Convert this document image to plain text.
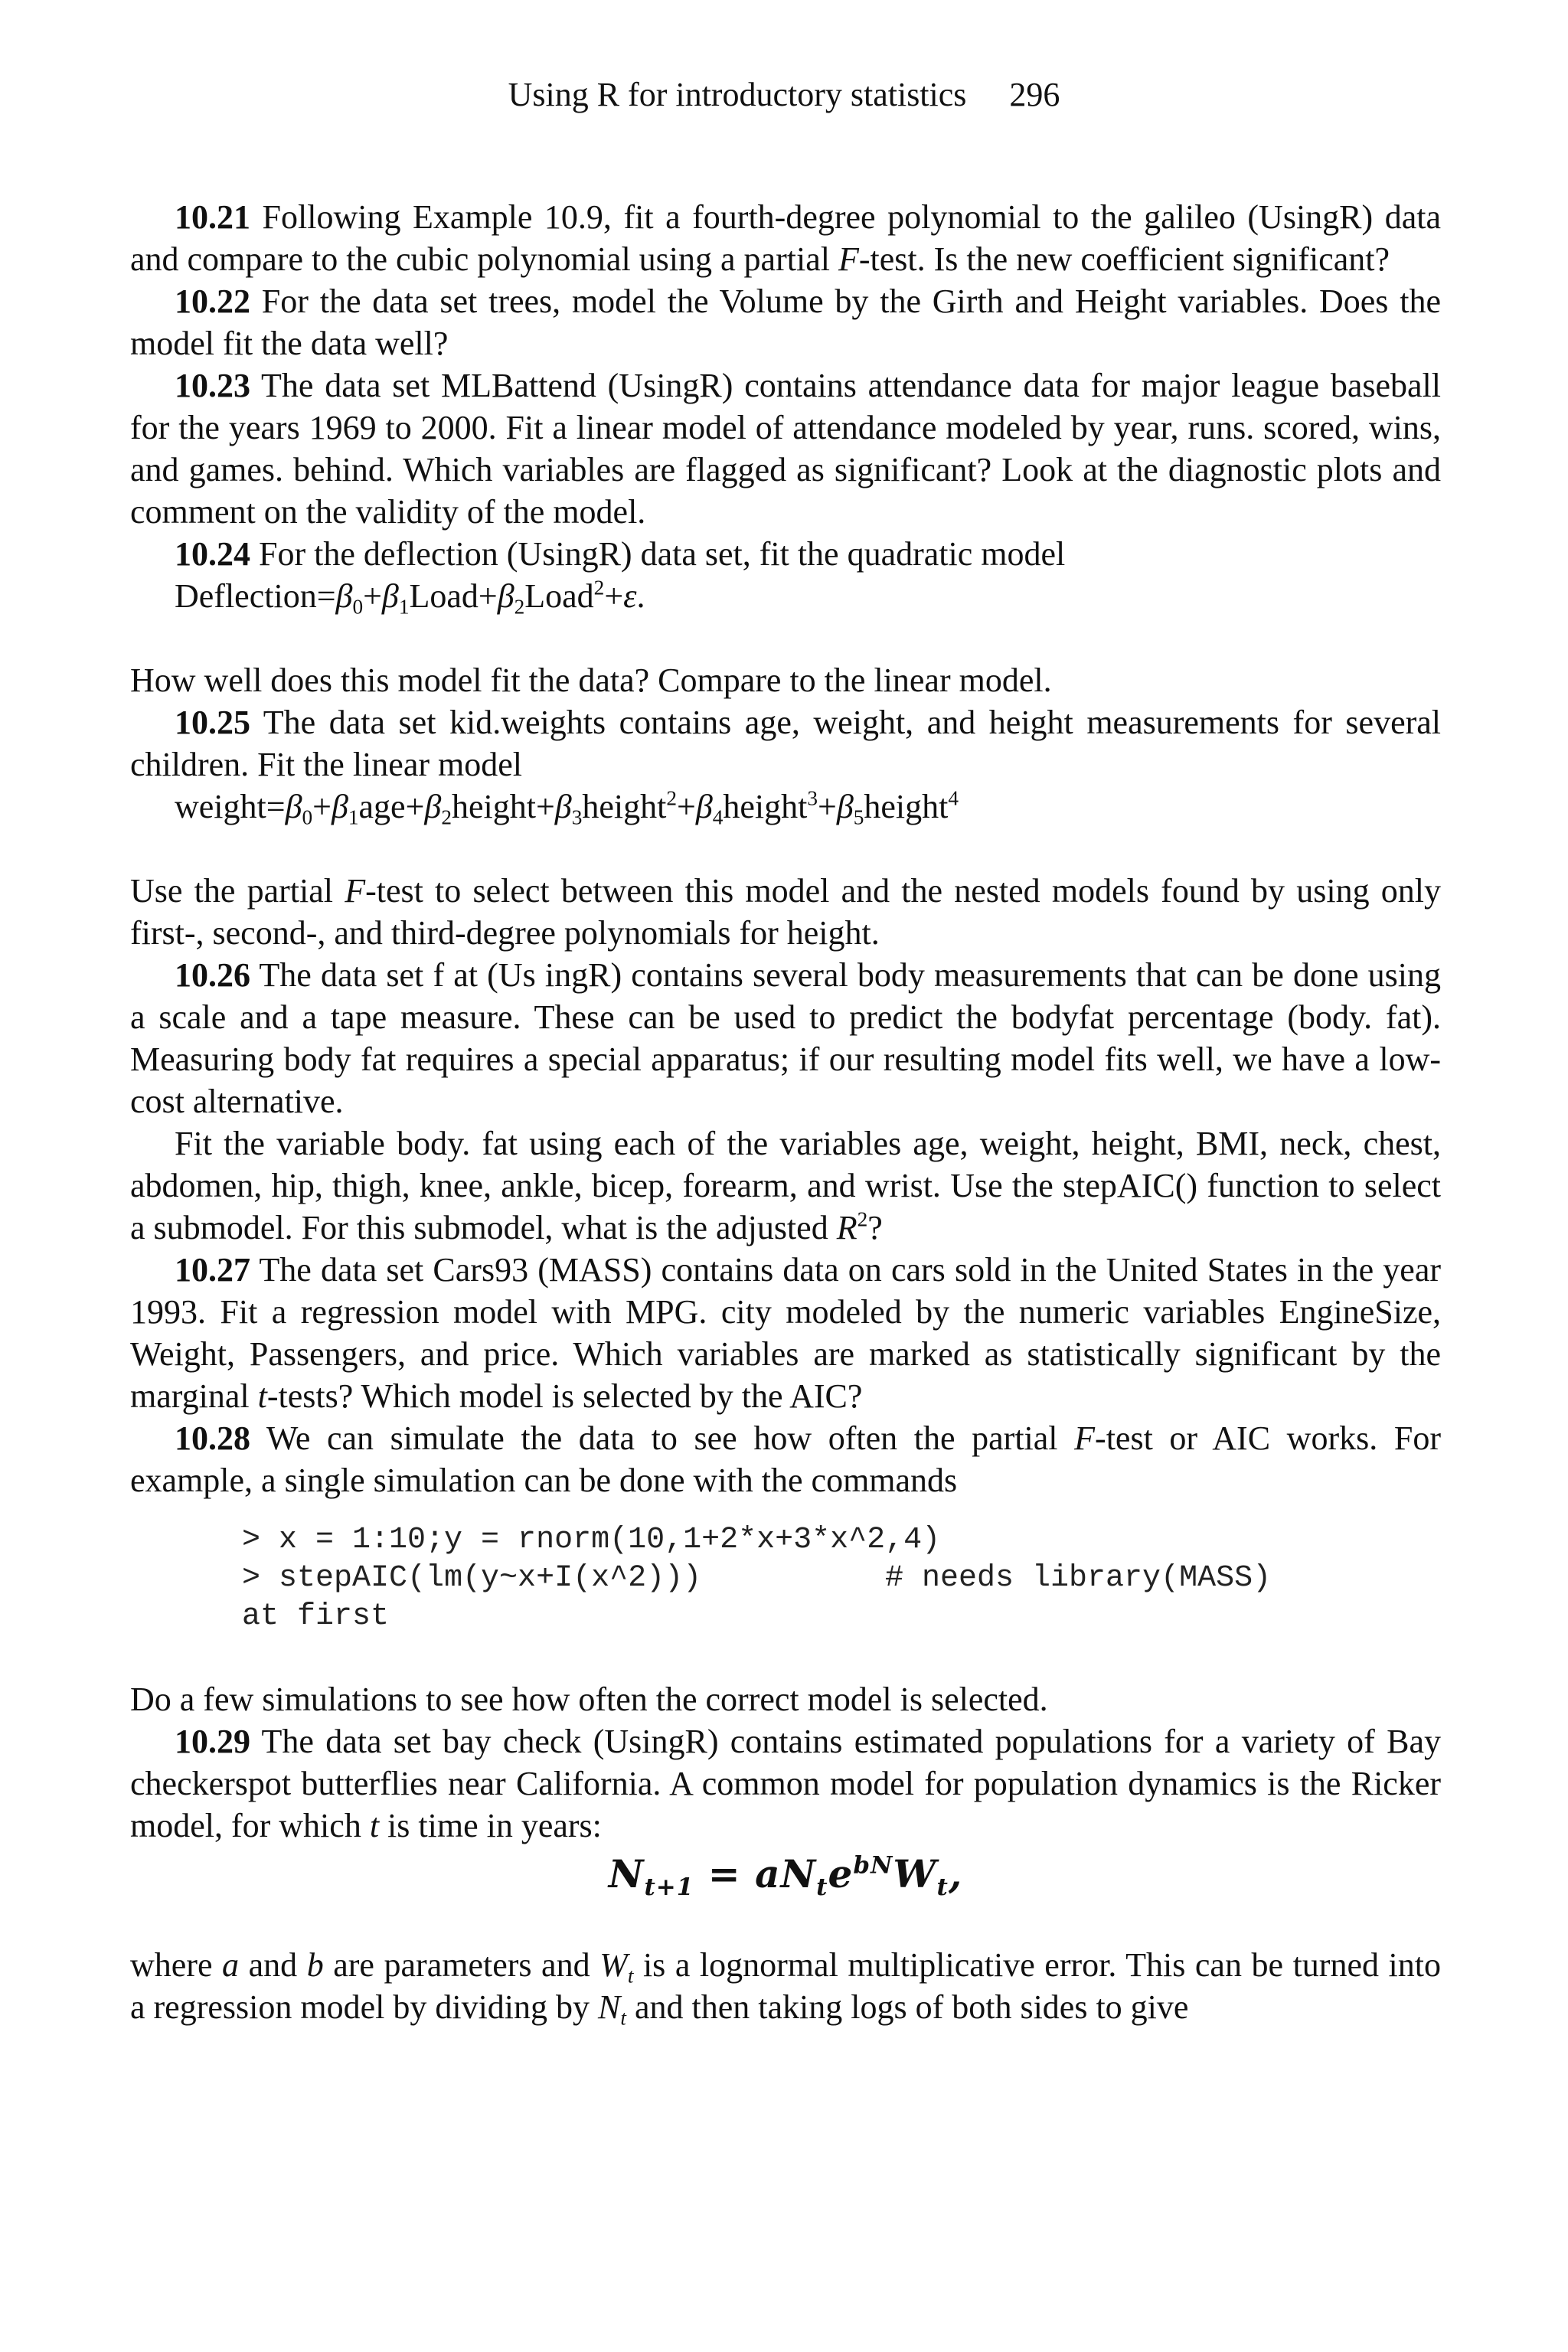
Using R for introductory statistics 296

10.21 Following Example 10.9, fit a fourth-degree polynomial to the galileo (UsingR) data and compare to the cubic polynomial using a partial F-test. Is the new coefficient significant?

10.22 For the data set trees, model the Volume by the Girth and Height variables. Does the model fit the data well?

10.23 The data set MLBattend (UsingR) contains attendance data for major league baseball for the years 1969 to 2000. Fit a linear model of attendance modeled by year, runs. scored, wins, and games. behind. Which variables are flagged as significant? Look at the diagnostic plots and comment on the validity of the model.

10.24 For the deflection (UsingR) data set, fit the quadratic model

$Deflection=\beta_0+\beta_1Load+\beta_2Load^2+\varepsilon$.

How well does this model fit the data? Compare to the linear model.

10.25 The data set kid.weights contains age, weight, and height measurements for several children. Fit the linear model

$weight=\beta_0+\beta_1age+\beta_2height+\beta_3height^2+\beta_4height^3+\beta_5height^4$

Use the partial F-test to select between this model and the nested models found by using only first-, second-, and third-degree polynomials for height.

10.26 The data set f at (Us ingR) contains several body measurements that can be done using a scale and a tape measure. These can be used to predict the bodyfat percentage (body. fat). Measuring body fat requires a special apparatus; if our resulting model fits well, we have a low-cost alternative.

Fit the variable body. fat using each of the variables age, weight, height, BMI, neck, chest, abdomen, hip, thigh, knee, ankle, bicep, forearm, and wrist. Use the stepAIC() function to select a submodel. For this submodel, what is the adjusted $R^2$?

10.27 The data set Cars93 (MASS) contains data on cars sold in the United States in the year 1993. Fit a regression model with MPG. city modeled by the numeric variables EngineSize, Weight, Passengers, and price. Which variables are marked as statistically significant by the marginal t-tests? Which model is selected by the AIC?

10.28 We can simulate the data to see how often the partial F-test or AIC works. For example, a single simulation can be done with the commands

> x = 1:10;y = rnorm(10,1+2*x+3*x^2,4)
> stepAIC(lm(y~x+I(x^2)))	# needs library(MASS)
at first

Do a few simulations to see how often the correct model is selected.

10.29 The data set bay check (UsingR) contains estimated populations for a variety of Bay checkerspot butterflies near California. A common model for population dynamics is the Ricker model, for which t is time in years:

$N_{t+1} = aN_te^{bN}W_t$,

where a and b are parameters and $W_t$ is a lognormal multiplicative error. This can be turned into a regression model by dividing by $N_t$ and then taking logs of both sides to give
